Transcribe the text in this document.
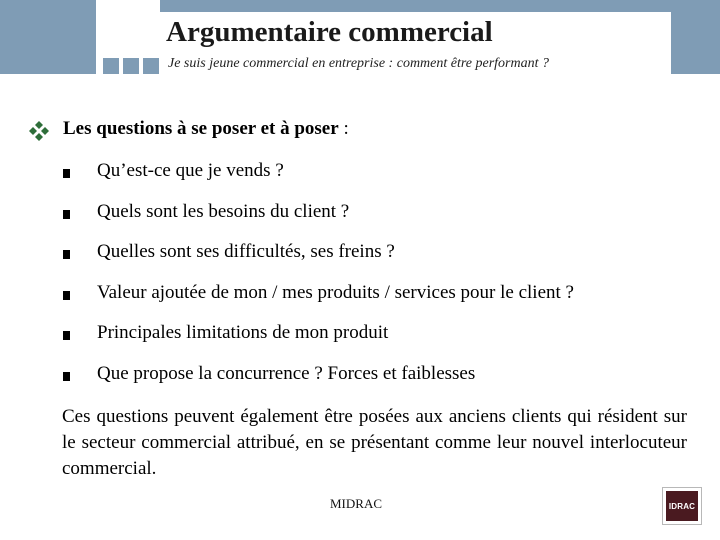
Argumentaire commercial
Je suis jeune commercial en entreprise : comment être performant ?
Les questions à se poser et à poser :
Qu’est-ce que je vends ?
Quels sont les besoins du client ?
Quelles sont ses difficultés, ses freins ?
Valeur ajoutée de mon / mes produits / services pour le client ?
Principales limitations de mon produit
Que propose la concurrence ? Forces et faiblesses
Ces questions peuvent également être posées aux anciens clients qui résident sur le secteur commercial attribué, en se présentant comme leur nouvel interlocuteur commercial.
MIDRAC	IDRAC
